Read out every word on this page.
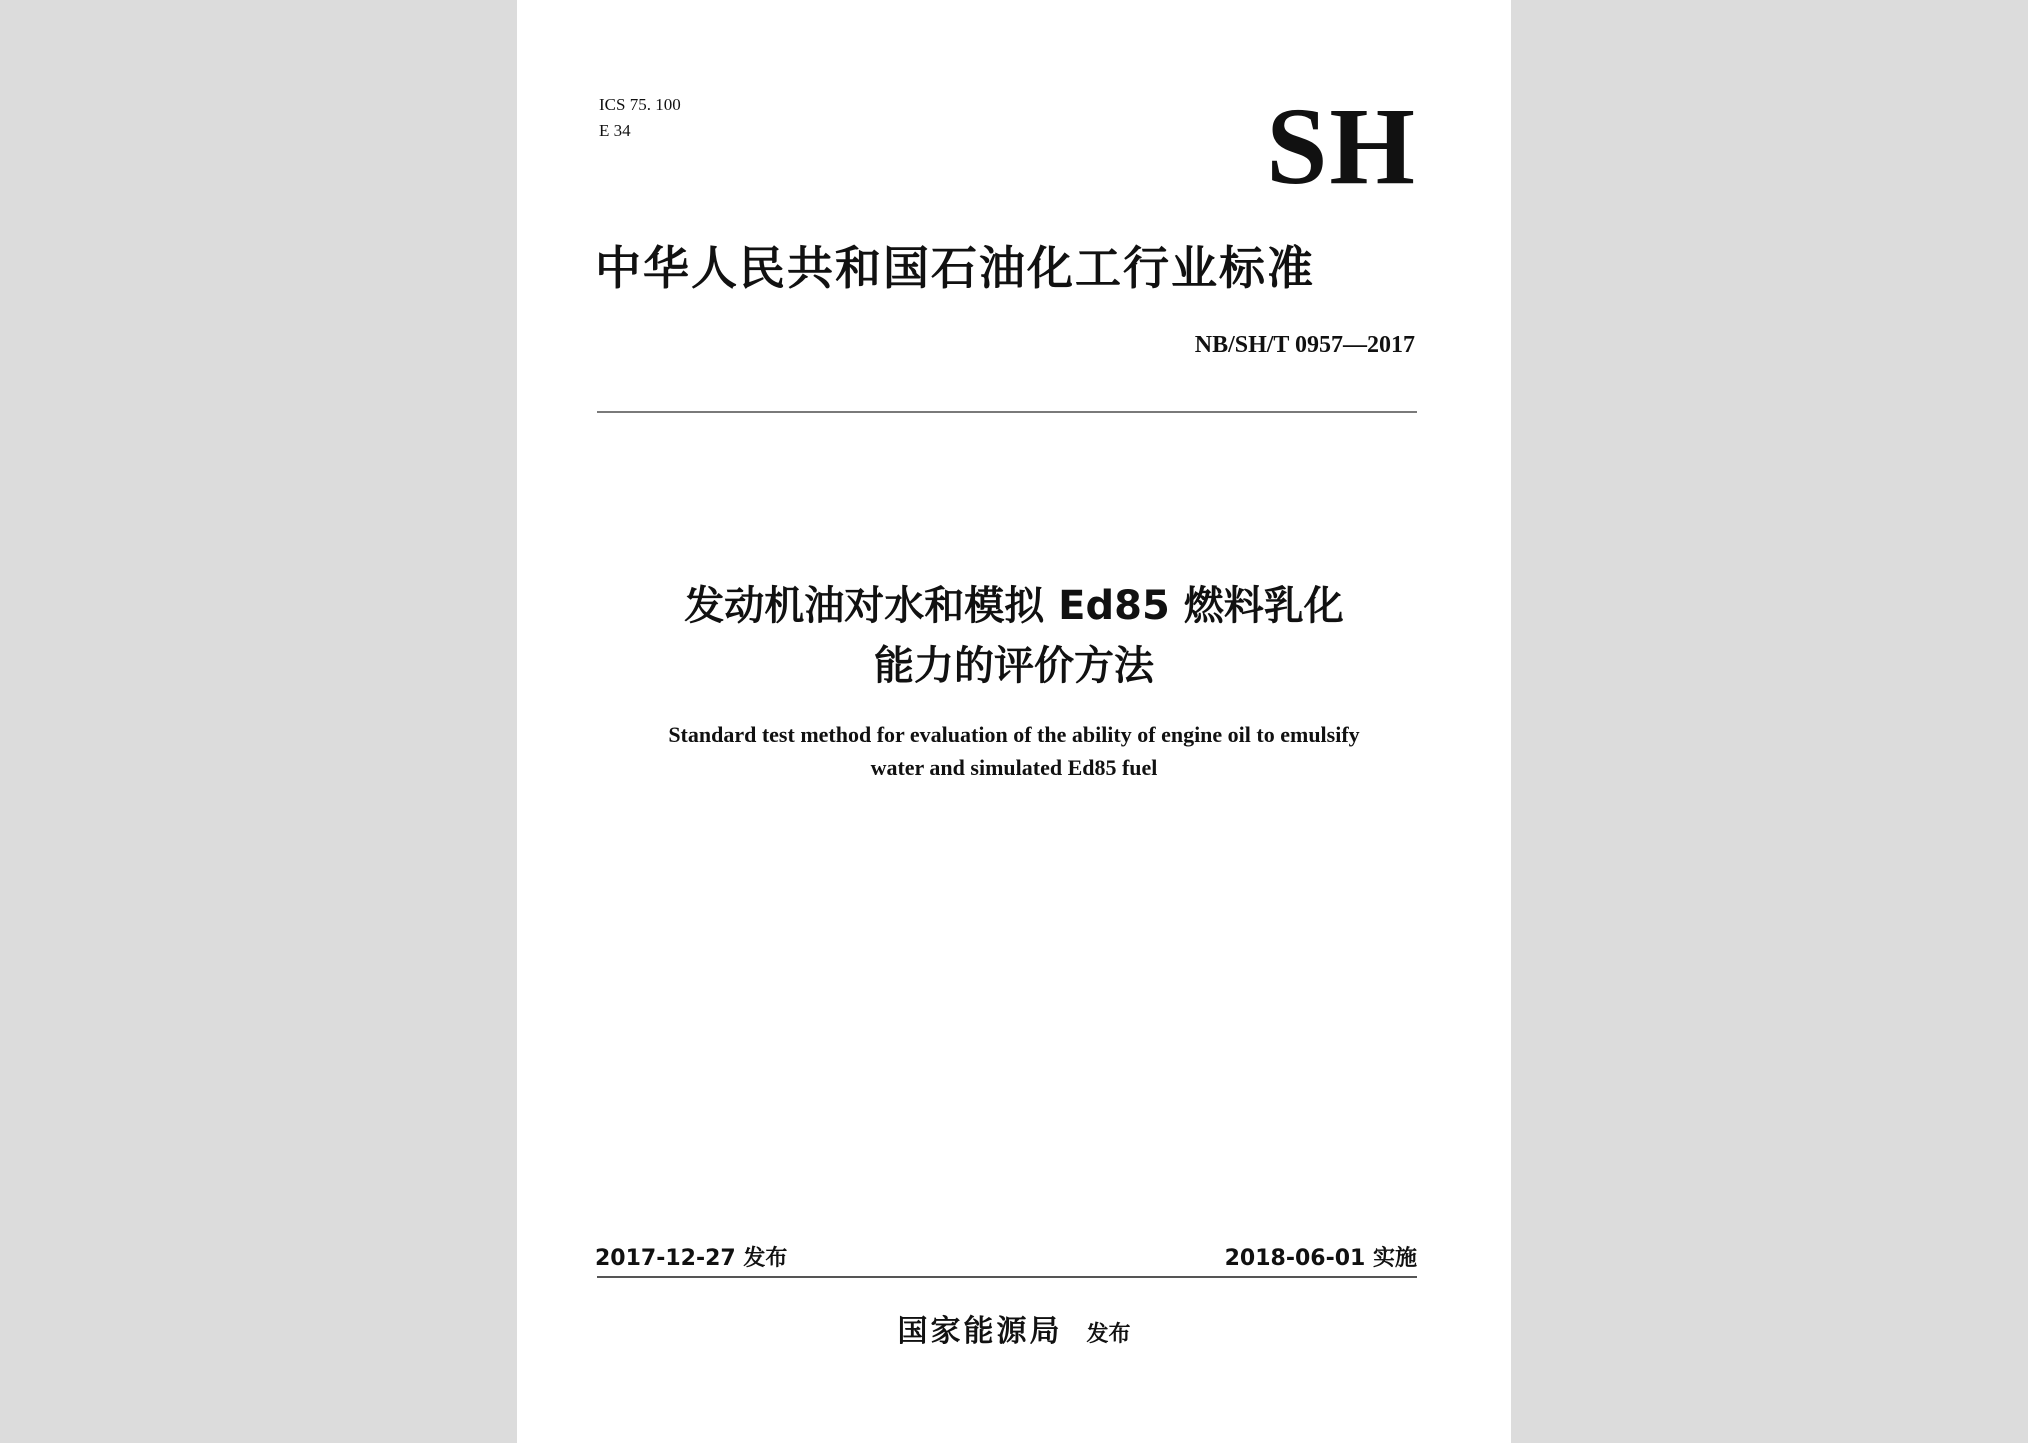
ICS 75. 100
E 34	SH
中华人民共和国石油化工行业标准
NB/SH/T 0957—2017
发动机油对水和模拟 Ed85 燃料乳化
能力的评价方法
Standard test method for evaluation of the ability of engine oil to emulsify
water and simulated Ed85 fuel
2017-12-27 发布	2018-06-01 实施
国家能源局 发布
